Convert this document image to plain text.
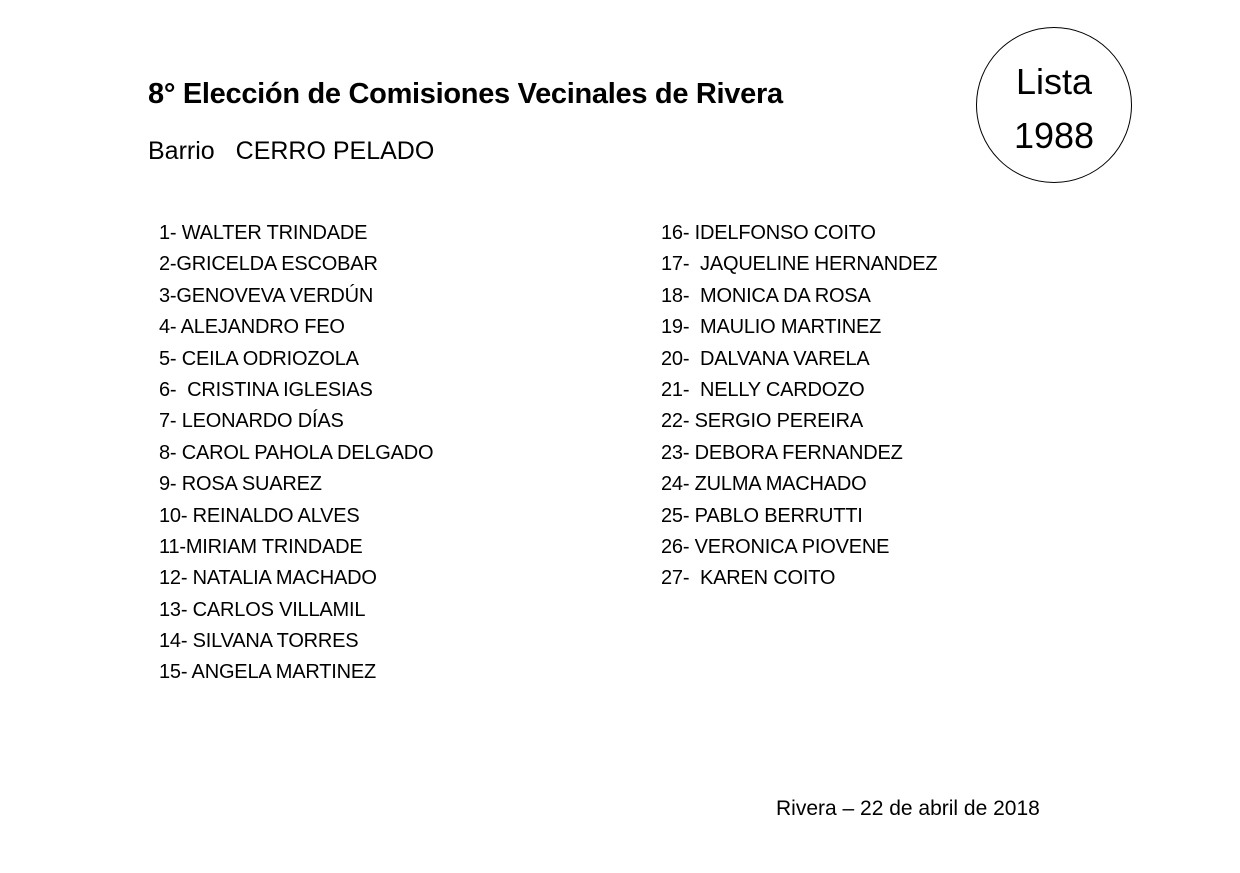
8° Elección de Comisiones Vecinales de Rivera
Barrio CERRO PELADO
Lista
1988
1- WALTER TRINDADE
2-GRICELDA ESCOBAR
3-GENOVEVA VERDÚN
4- ALEJANDRO FEO
5- CEILA ODRIOZOLA
6-  CRISTINA IGLESIAS
7- LEONARDO DÍAS
8- CAROL PAHOLA DELGADO
9- ROSA SUAREZ
10- REINALDO ALVES
11-MIRIAM TRINDADE
12- NATALIA MACHADO
13- CARLOS VILLAMIL
14- SILVANA TORRES
15- ANGELA MARTINEZ
16- IDELFONSO COITO
17-  JAQUELINE HERNANDEZ
18-  MONICA DA ROSA
19-  MAULIO MARTINEZ
20-  DALVANA VARELA
21-  NELLY CARDOZO
22- SERGIO PEREIRA
23- DEBORA FERNANDEZ
24- ZULMA MACHADO
25- PABLO BERRUTTI
26- VERONICA PIOVENE
27-  KAREN COITO
Rivera – 22 de abril de 2018
